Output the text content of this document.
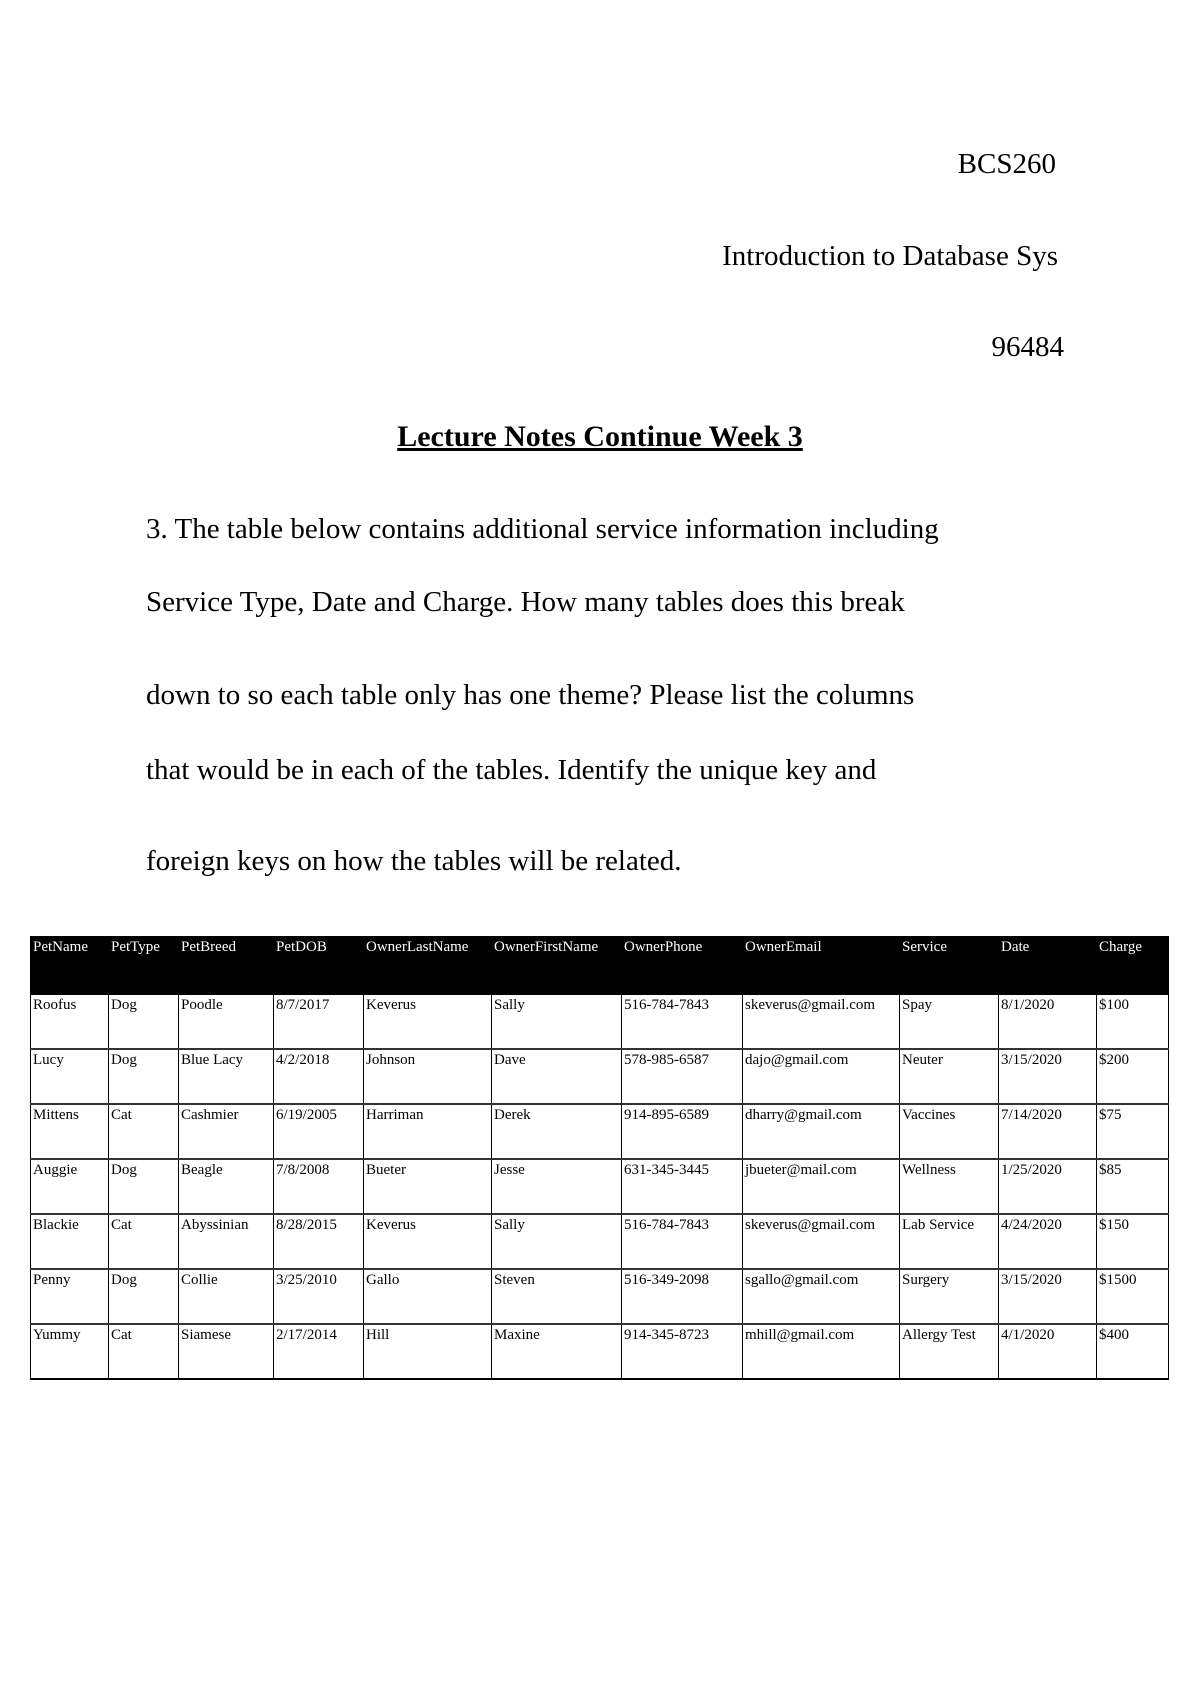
BCS260
Introduction to Database Sys
96484
Lecture Notes Continue Week 3
3. The table below contains additional service information including
Service Type, Date and Charge. How many tables does this break
down to so each table only has one theme? Please list the columns
that would be in each of the tables. Identify the unique key and
foreign keys on how the tables will be related.
PetName	PetType	PetBreed	PetDOB	OwnerLastName	OwnerFirstName	OwnerPhone	OwnerEmail	Service	Date	Charge
Roofus	Dog	Poodle	8/7/2017	Keverus	Sally	516-784-7843	skeverus@gmail.com	Spay	8/1/2020	$100
Lucy	Dog	Blue Lacy	4/2/2018	Johnson	Dave	578-985-6587	dajo@gmail.com	Neuter	3/15/2020	$200
Mittens	Cat	Cashmier	6/19/2005	Harriman	Derek	914-895-6589	dharry@gmail.com	Vaccines	7/14/2020	$75
Auggie	Dog	Beagle	7/8/2008	Bueter	Jesse	631-345-3445	jbueter@mail.com	Wellness	1/25/2020	$85
Blackie	Cat	Abyssinian	8/28/2015	Keverus	Sally	516-784-7843	skeverus@gmail.com	Lab Service	4/24/2020	$150
Penny	Dog	Collie	3/25/2010	Gallo	Steven	516-349-2098	sgallo@gmail.com	Surgery	3/15/2020	$1500
Yummy	Cat	Siamese	2/17/2014	Hill	Maxine	914-345-8723	mhill@gmail.com	Allergy Test	4/1/2020	$400
